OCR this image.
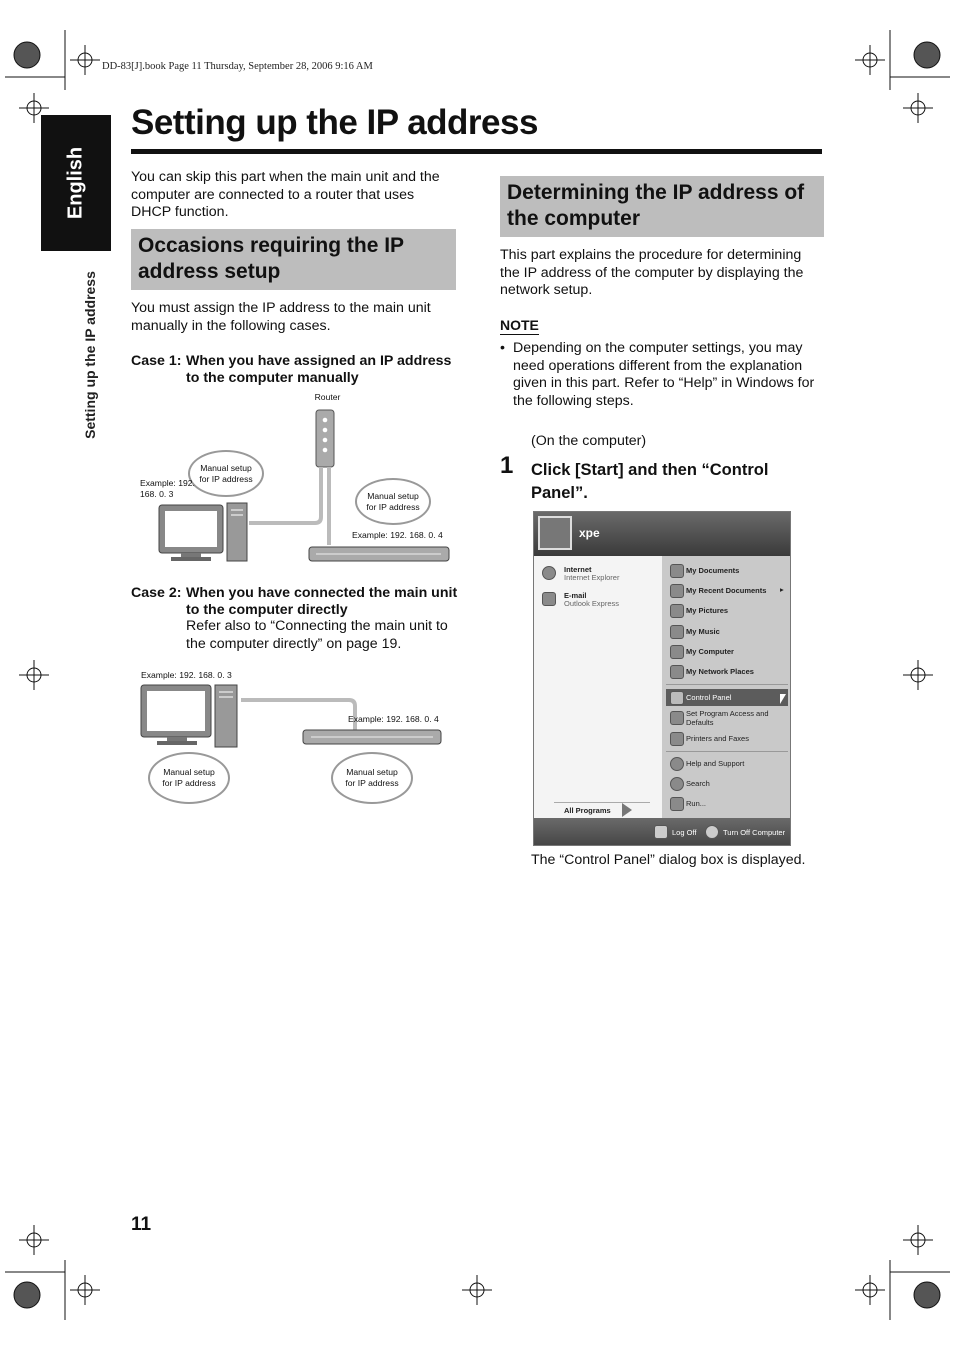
DD-83[J].book Page 11 Thursday, September 28, 2006 9:16 AM
English
Setting up the IP address
Setting up the IP address
You can skip this part when the main unit and the computer are connected to a router that uses DHCP function.
Occasions requiring the IP address setup
You must assign the IP address to the main unit manually in the following cases.
Case 1: When you have assigned an IP address to the computer manually
Router
Manual setup for IP address
Manual setup for IP address
Example: 192. 168. 0. 3
Example: 192. 168. 0. 4
Case 2: When you have connected the main unit to the computer directly
Refer also to “Connecting the main unit to the computer directly” on page 19.
Example: 192. 168. 0. 3
Example: 192. 168. 0. 4
Manual setup for IP address
Manual setup for IP address
Determining the IP address of the computer
This part explains the procedure for determining the IP address of the computer by displaying the network setup.
NOTE
• Depending on the computer settings, you may need operations different from the explanation given in this part. Refer to “Help” in Windows for the following steps.
(On the computer)
1 Click [Start] and then “Control Panel”.
xpe
Internet
Internet Explorer
E-mail
Outlook Express
All Programs
My Documents
My Recent Documents ▸
My Pictures
My Music
My Computer
My Network Places
Control Panel
Set Program Access and Defaults
Printers and Faxes
Help and Support
Search
Run...
Log Off	Turn Off Computer
The “Control Panel” dialog box is displayed.
11
